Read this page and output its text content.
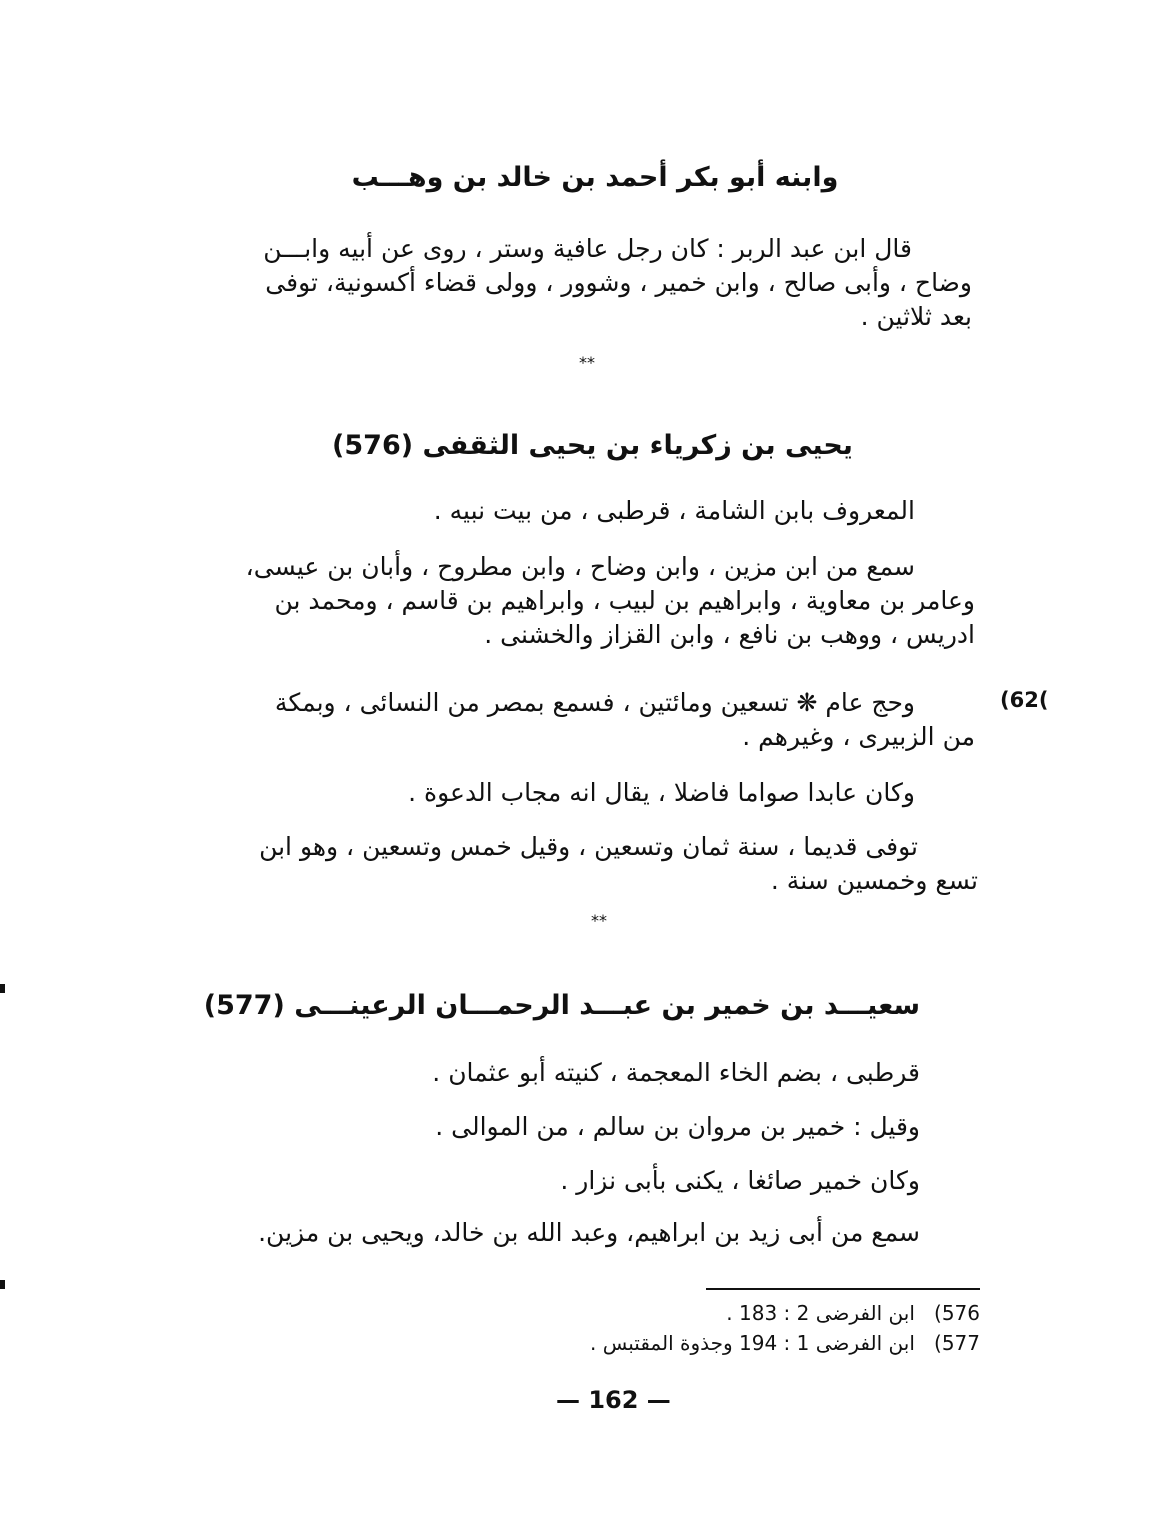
وابنه أبو بكر أحمد بن خالد بن وهـــب
قال ابن عبد الربر : كان رجل عافية وستر ، روى عن أبيه وابـــن
وضاح ، وأبى صالح ، وابن خمير ، وشوور ، وولى قضاء أكسونية، توفى
بعد ثلاثين .
**
يحيى بن زكرياء بن يحيى الثقفى (576)
المعروف بابن الشامة ، قرطبى ، من بيت نبيه .
سمع من ابن مزين ، وابن وضاح ، وابن مطروح ، وأبان بن عيسى،
وعامر بن معاوية ، وابراهيم بن لبيب ، وابراهيم بن قاسم ، ومحمد بن
ادريس ، ووهب بن نافع ، وابن القزاز والخشنى .
وحج عام ❋ تسعين ومائتين ، فسمع بمصر من النسائى ، وبمكة
من الزبيرى ، وغيرهم .
(62(
وكان عابدا صواما فاضلا ، يقال انه مجاب الدعوة .
توفى قديما ، سنة ثمان وتسعين ، وقيل خمس وتسعين ، وهو ابن
تسع وخمسين سنة .
**
سعيـــد بن خمير بن عبـــد الرحمـــان الرعينـــى (577)
قرطبى ، بضم الخاء المعجمة ، كنيته أبو عثمان .
وقيل : خمير بن مروان بن سالم ، من الموالى .
وكان خمير صائغا ، يكنى بأبى نزار .
سمع من أبى زيد بن ابراهيم، وعبد الله بن خالد، ويحيى بن مزين.
576)   ابن الفرضى 2 : 183 .
577)   ابن الفرضى 1 : 194 وجذوة المقتبس .
— 162 —
